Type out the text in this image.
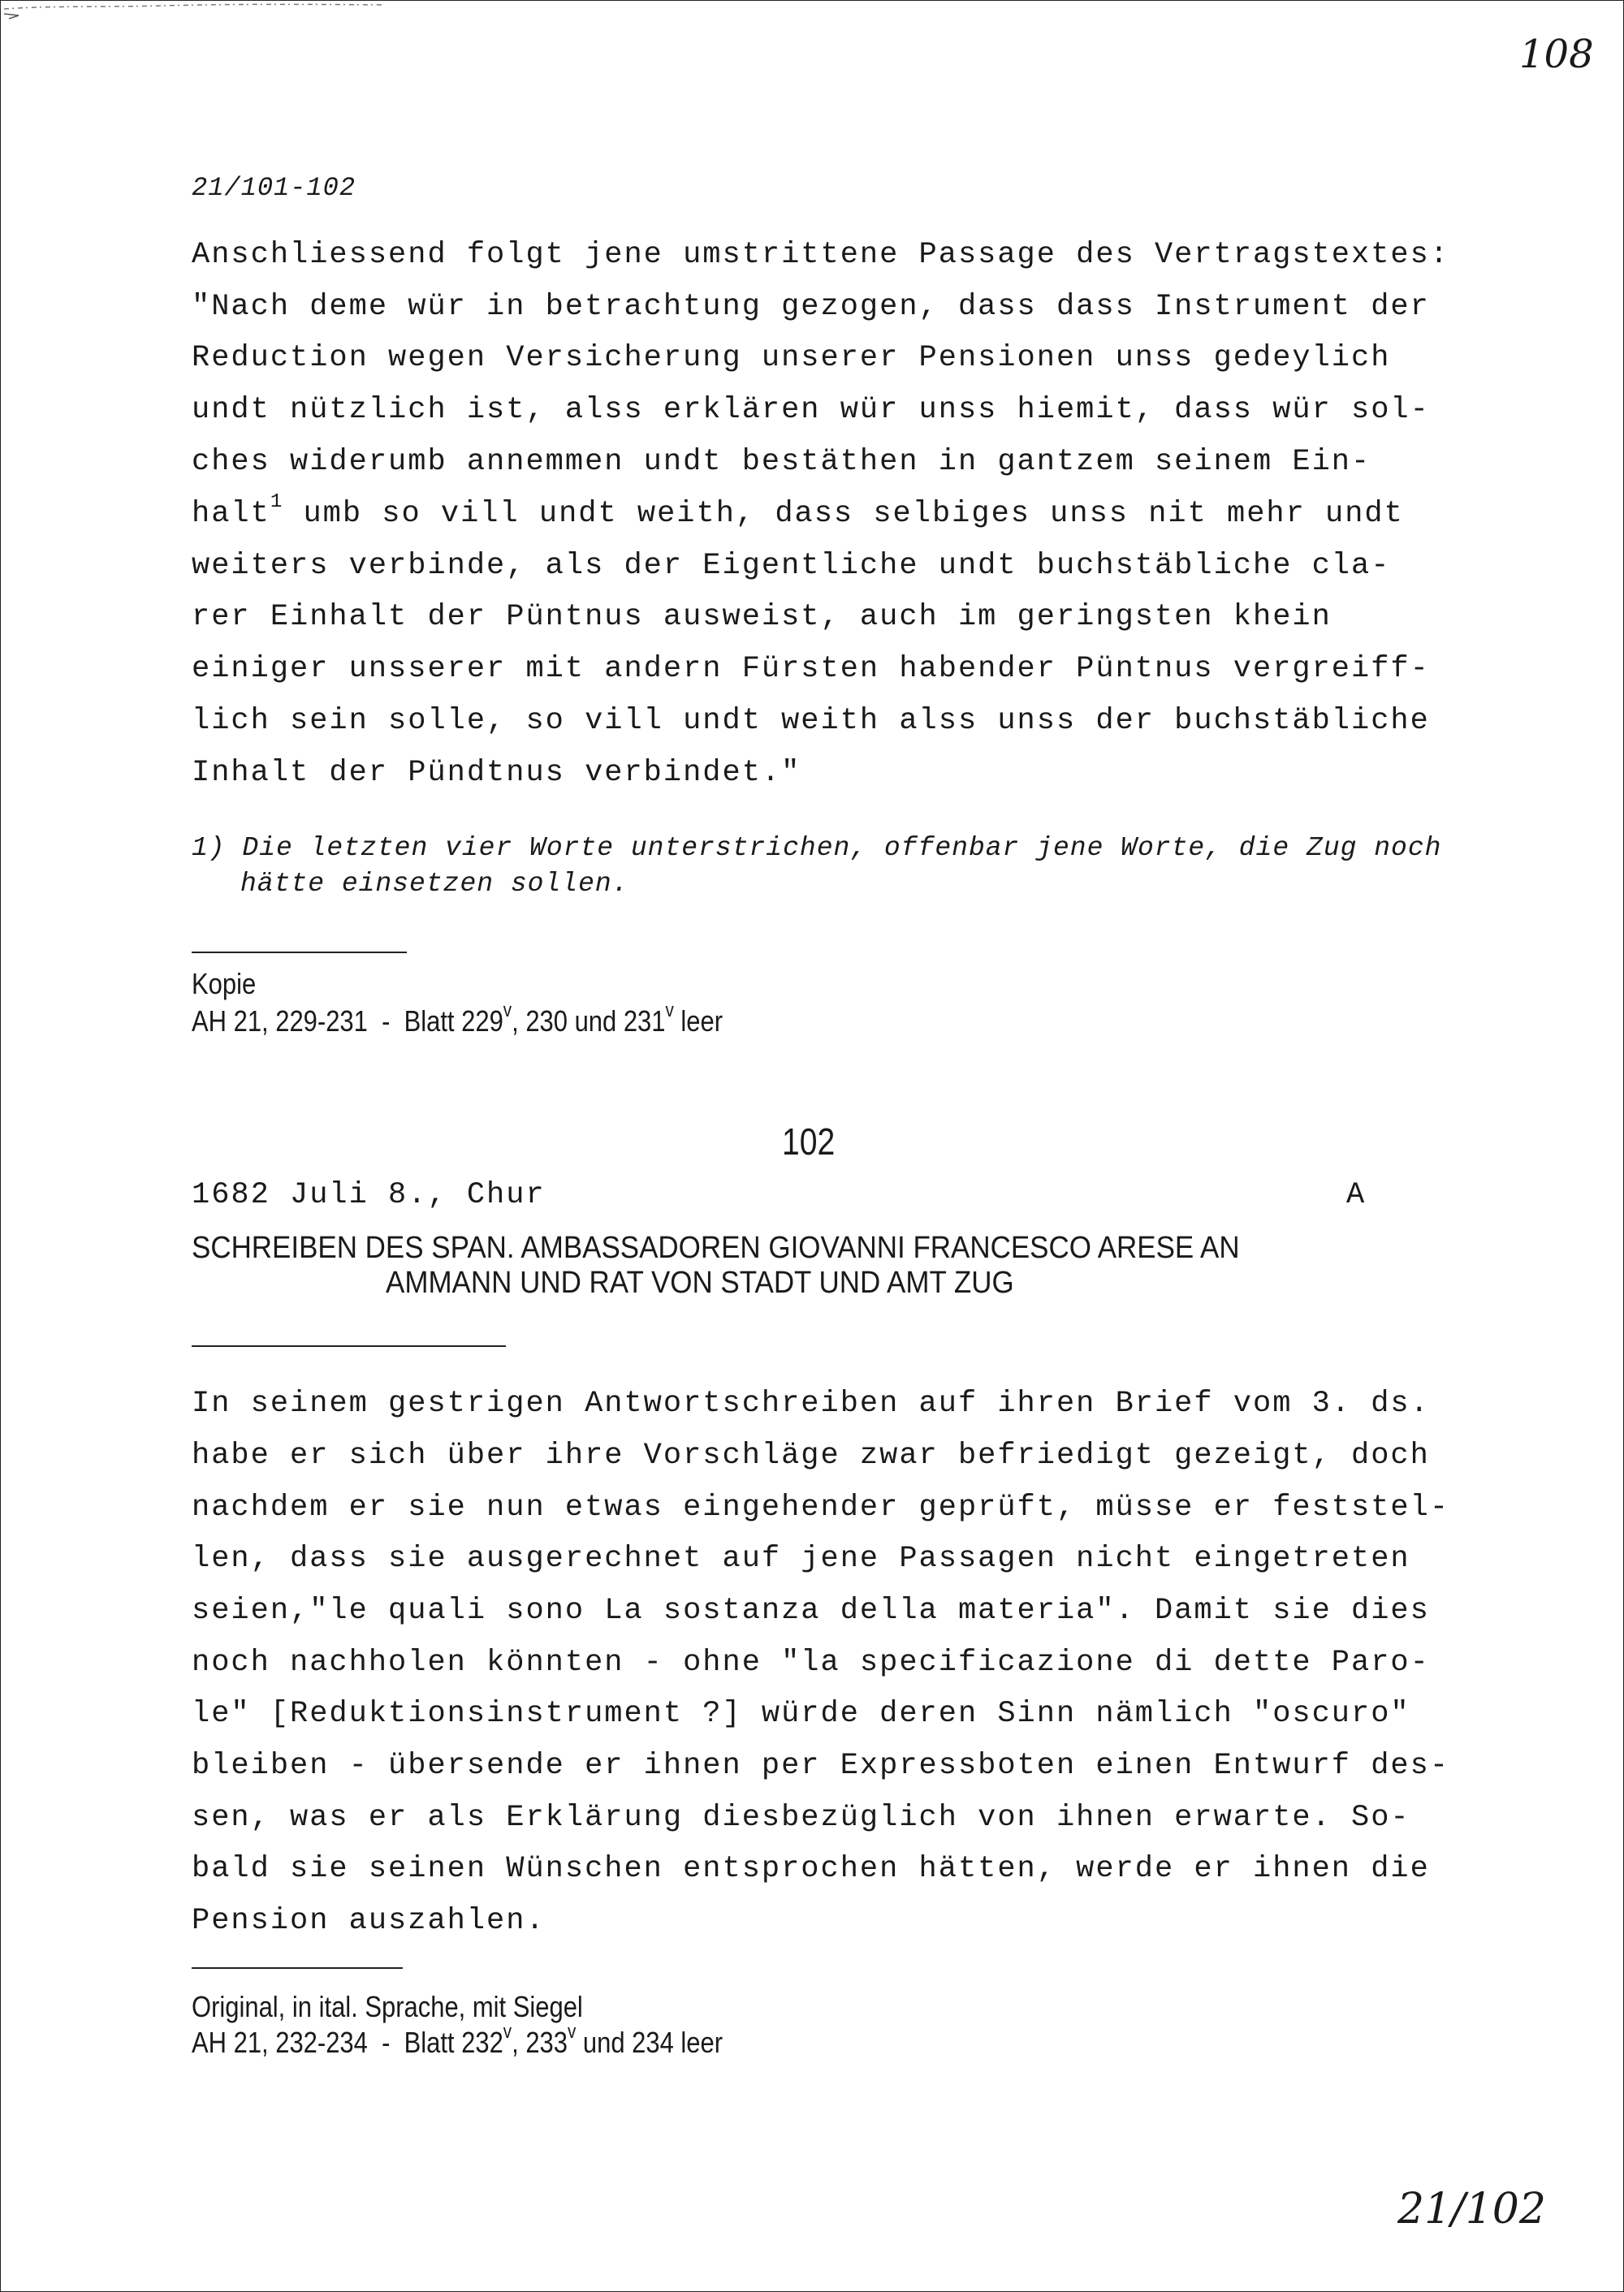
108
21/101-102
Anschliessend folgt jene umstrittene Passage des Vertragstextes:
"Nach deme wür in betrachtung gezogen, dass dass Instrument der
Reduction wegen Versicherung unserer Pensionen unss gedeylich
undt nützlich ist, alss erklären wür unss hiemit, dass wür sol-
ches widerumb annemmen undt bestäthen in gantzem seinem Ein-
halt$^1$ umb so vill undt weith, dass selbiges unss nit mehr undt
weiters verbinde, als der Eigentliche undt buchstäbliche cla-
rer Einhalt der Püntnus ausweist, auch im geringsten khein
einiger unsserer mit andern Fürsten habender Püntnus vergreiff-
lich sein solle, so vill undt weith alss unss der buchstäbliche
Inhalt der Pündtnus verbindet."
1) Die letzten vier Worte unterstrichen, offenbar jene Worte, die Zug noch
hätte einsetzen sollen.
Kopie
AH 21, 229-231  -  Blatt 229$^v$, 230 und 231$^v$ leer
102
1682 Juli 8., Chur	A
SCHREIBEN DES SPAN. AMBASSADOREN GIOVANNI FRANCESCO ARESE AN
AMMANN UND RAT VON STADT UND AMT ZUG
In seinem gestrigen Antwortschreiben auf ihren Brief vom 3. ds.
habe er sich über ihre Vorschläge zwar befriedigt gezeigt, doch
nachdem er sie nun etwas eingehender geprüft, müsse er feststel-
len, dass sie ausgerechnet auf jene Passagen nicht eingetreten
seien,"le quali sono La sostanza della materia". Damit sie dies
noch nachholen könnten - ohne "la specificazione di dette Paro-
le" [Reduktionsinstrument ?] würde deren Sinn nämlich "oscuro"
bleiben - übersende er ihnen per Expressboten einen Entwurf des-
sen, was er als Erklärung diesbezüglich von ihnen erwarte. So-
bald sie seinen Wünschen entsprochen hätten, werde er ihnen die
Pension auszahlen.
Original, in ital. Sprache, mit Siegel
AH 21, 232-234  -  Blatt 232$^v$, 233$^v$ und 234 leer
21/102
